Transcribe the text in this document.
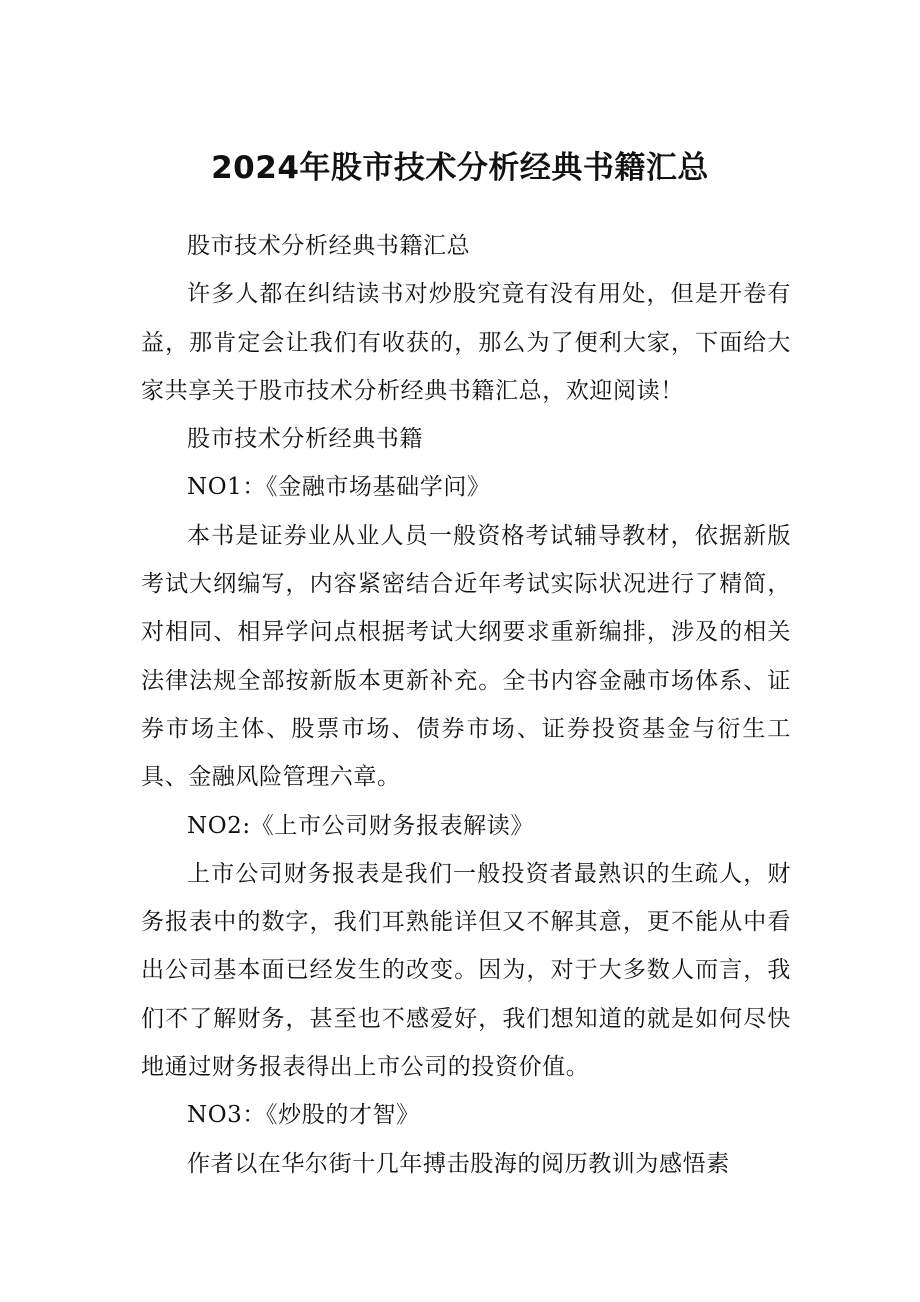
2024年股市技术分析经典书籍汇总

股市技术分析经典书籍汇总

许多人都在纠结读书对炒股究竟有没有用处，但是开卷有益，那肯定会让我们有收获的，那么为了便利大家，下面给大家共享关于股市技术分析经典书籍汇总，欢迎阅读！

股市技术分析经典书籍

NO1：《金融市场基础学问》

本书是证券业从业人员一般资格考试辅导教材，依据新版考试大纲编写，内容紧密结合近年考试实际状况进行了精简，对相同、相异学问点根据考试大纲要求重新编排，涉及的相关法律法规全部按新版本更新补充。全书内容金融市场体系、证券市场主体、股票市场、债券市场、证券投资基金与衍生工具、金融风险管理六章。

NO2:《上市公司财务报表解读》

上市公司财务报表是我们一般投资者最熟识的生疏人，财务报表中的数字，我们耳熟能详但又不解其意，更不能从中看出公司基本面已经发生的改变。因为，对于大多数人而言，我们不了解财务，甚至也不感爱好，我们想知道的就是如何尽快地通过财务报表得出上市公司的投资价值。

NO3：《炒股的才智》

作者以在华尔街十几年搏击股海的阅历教训为感悟素
